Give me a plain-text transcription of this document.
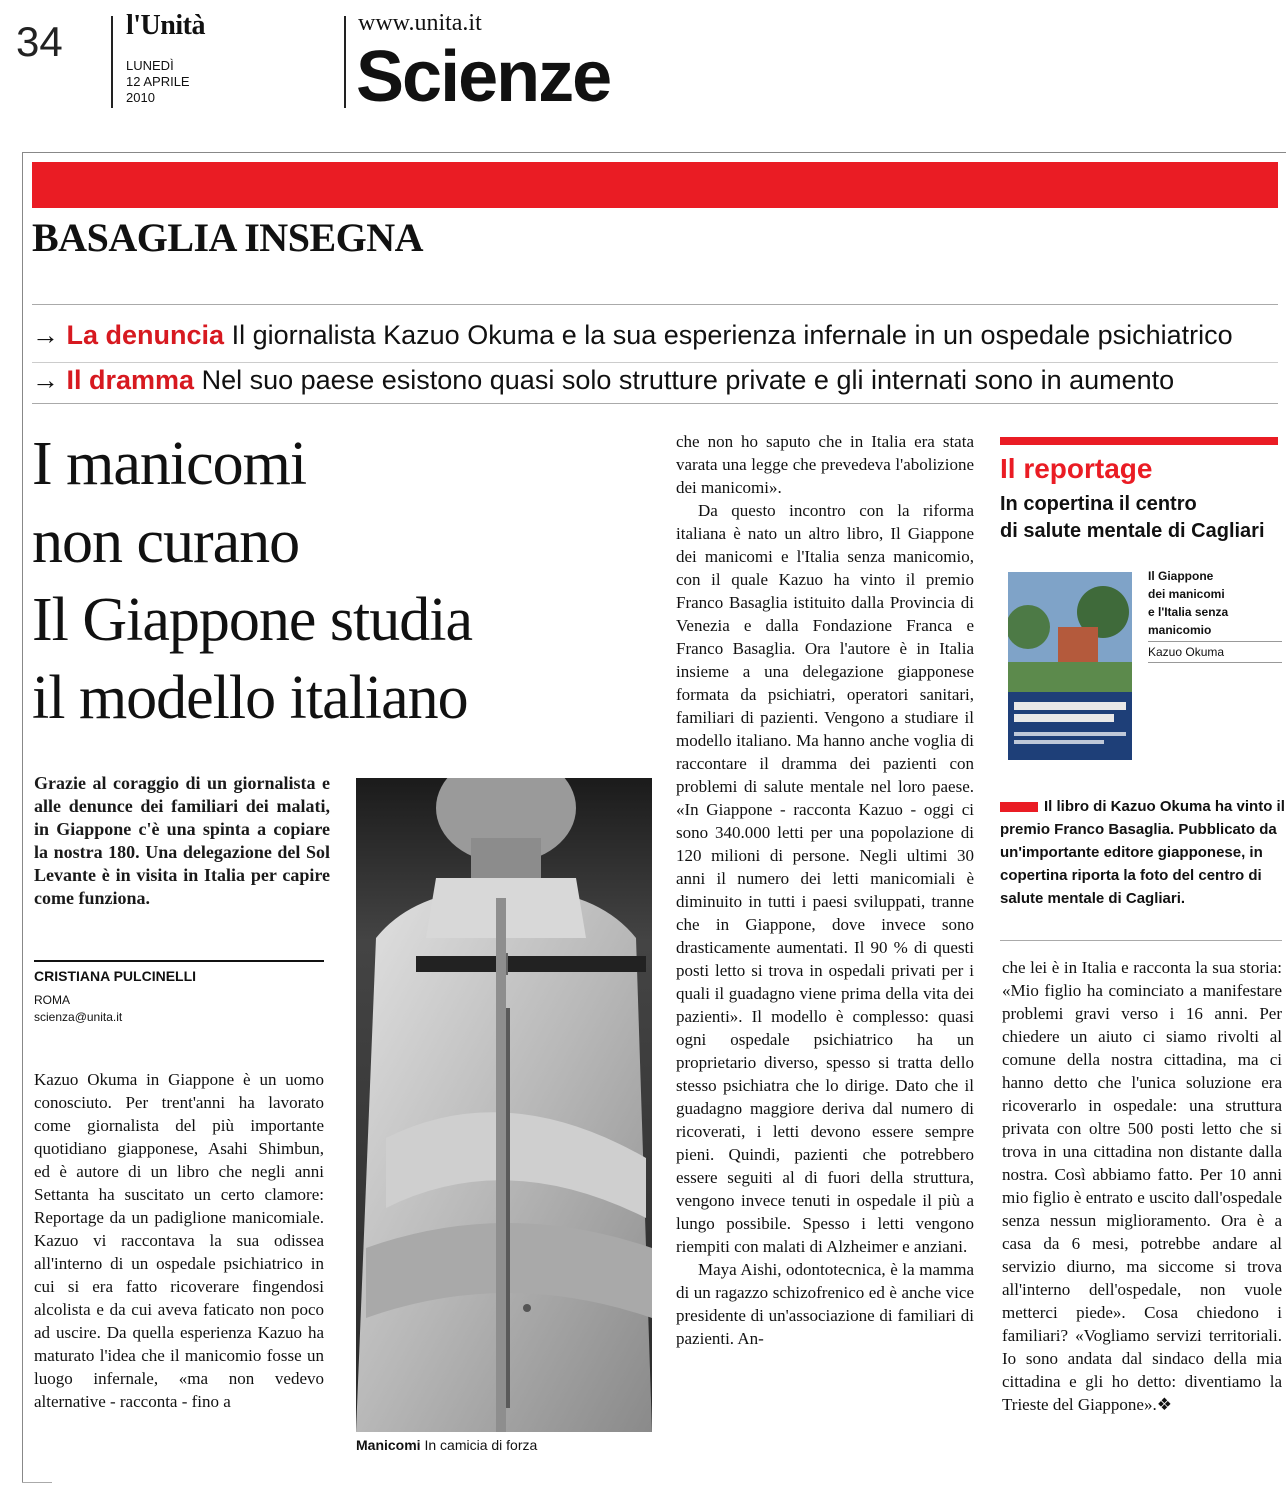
34 l'Unità
LUNEDÌ
12 APRILE
2010
www.unita.it
Scienze
BASAGLIA INSEGNA
→ La denuncia Il giornalista Kazuo Okuma e la sua esperienza infernale in un ospedale psichiatrico
→ Il dramma Nel suo paese esistono quasi solo strutture private e gli internati sono in aumento
I manicomi
non curano
Il Giappone studia
il modello italiano
Grazie al coraggio di un giornalista e alle denunce dei familiari dei malati, in Giappone c'è una spinta a copiare la nostra 180. Una delegazione del Sol Levante è in visita in Italia per capire come funziona.
CRISTIANA PULCINELLI
ROMA
scienza@unita.it

Kazuo Okuma in Giappone è un uomo conosciuto. Per trent'anni ha lavorato come giornalista del più importante quotidiano giapponese, Asahi Shimbun, ed è autore di un libro che negli anni Settanta ha suscitato un certo clamore: Reportage da un padiglione manicomiale. Kazuo vi raccontava la sua odissea all'interno di un ospedale psichiatrico in cui si era fatto ricoverare fingendosi alcolista e da cui aveva faticato non poco ad uscire. Da quella esperienza Kazuo ha maturato l'idea che il manicomio fosse un luogo infernale, «ma non vedevo alternative - racconta - fino a

che non ho saputo che in Italia era stata varata una legge che prevedeva l'abolizione dei manicomi».

Da questo incontro con la riforma italiana è nato un altro libro, Il Giappone dei manicomi e l'Italia senza manicomio, con il quale Kazuo ha vinto il premio Franco Basaglia istituito dalla Provincia di Venezia e dalla Fondazione Franca e Franco Basaglia. Ora l'autore è in Italia insieme a una delegazione giapponese formata da psichiatri, operatori sanitari, familiari di pazienti. Vengono a studiare il modello italiano. Ma hanno anche voglia di raccontare il dramma dei pazienti con problemi di salute mentale nel loro paese. «In Giappone - racconta Kazuo - oggi ci sono 340.000 letti per una popolazione di 120 milioni di persone. Negli ultimi 30 anni il numero dei letti manicomiali è diminuito in tutti i paesi sviluppati, tranne che in Giappone, dove invece sono drasticamente aumentati. Il 90 % di questi posti letto si trova in ospedali privati per i quali il guadagno viene prima della vita dei pazienti». Il modello è complesso: quasi ogni ospedale psichiatrico ha un proprietario diverso, spesso si tratta dello stesso psichiatra che lo dirige. Dato che il guadagno maggiore deriva dal numero di ricoverati, i letti devono essere sempre pieni. Quindi, pazienti che potrebbero essere seguiti al di fuori della struttura, vengono invece tenuti in ospedale il più a lungo possibile. Spesso i letti vengono riempiti con malati di Alzheimer e anziani.

Maya Aishi, odontotecnica, è la mamma di un ragazzo schizofrenico ed è anche vice presidente di un'associazione di familiari di pazienti. An-

che lei è in Italia e racconta la sua storia: «Mio figlio ha cominciato a manifestare problemi gravi verso i 16 anni. Per chiedere un aiuto ci siamo rivolti al comune della nostra cittadina, ma ci hanno detto che l'unica soluzione era ricoverarlo in ospedale: una struttura privata con oltre 500 posti letto che si trova in una cittadina non distante dalla nostra. Così abbiamo fatto. Per 10 anni mio figlio è entrato e uscito dall'ospedale senza nessun miglioramento. Ora è a casa da 6 mesi, potrebbe andare al servizio diurno, ma siccome si trova all'interno dell'ospedale, non vuole metterci piede». Cosa chiedono i familiari? «Vogliamo servizi territoriali. Io sono andata dal sindaco della mia cittadina e gli ho detto: diventiamo la Trieste del Giappone».❖

Manicomi In camicia di forza
Il reportage
In copertina il centro
di salute mentale di Cagliari
Il Giappone
dei manicomi
e l'Italia senza
manicomio
Kazuo Okuma
Il libro di Kazuo Okuma ha vinto il premio Franco Basaglia. Pubblicato da un'importante editore giapponese, in copertina riporta la foto del centro di salute mentale di Cagliari.
